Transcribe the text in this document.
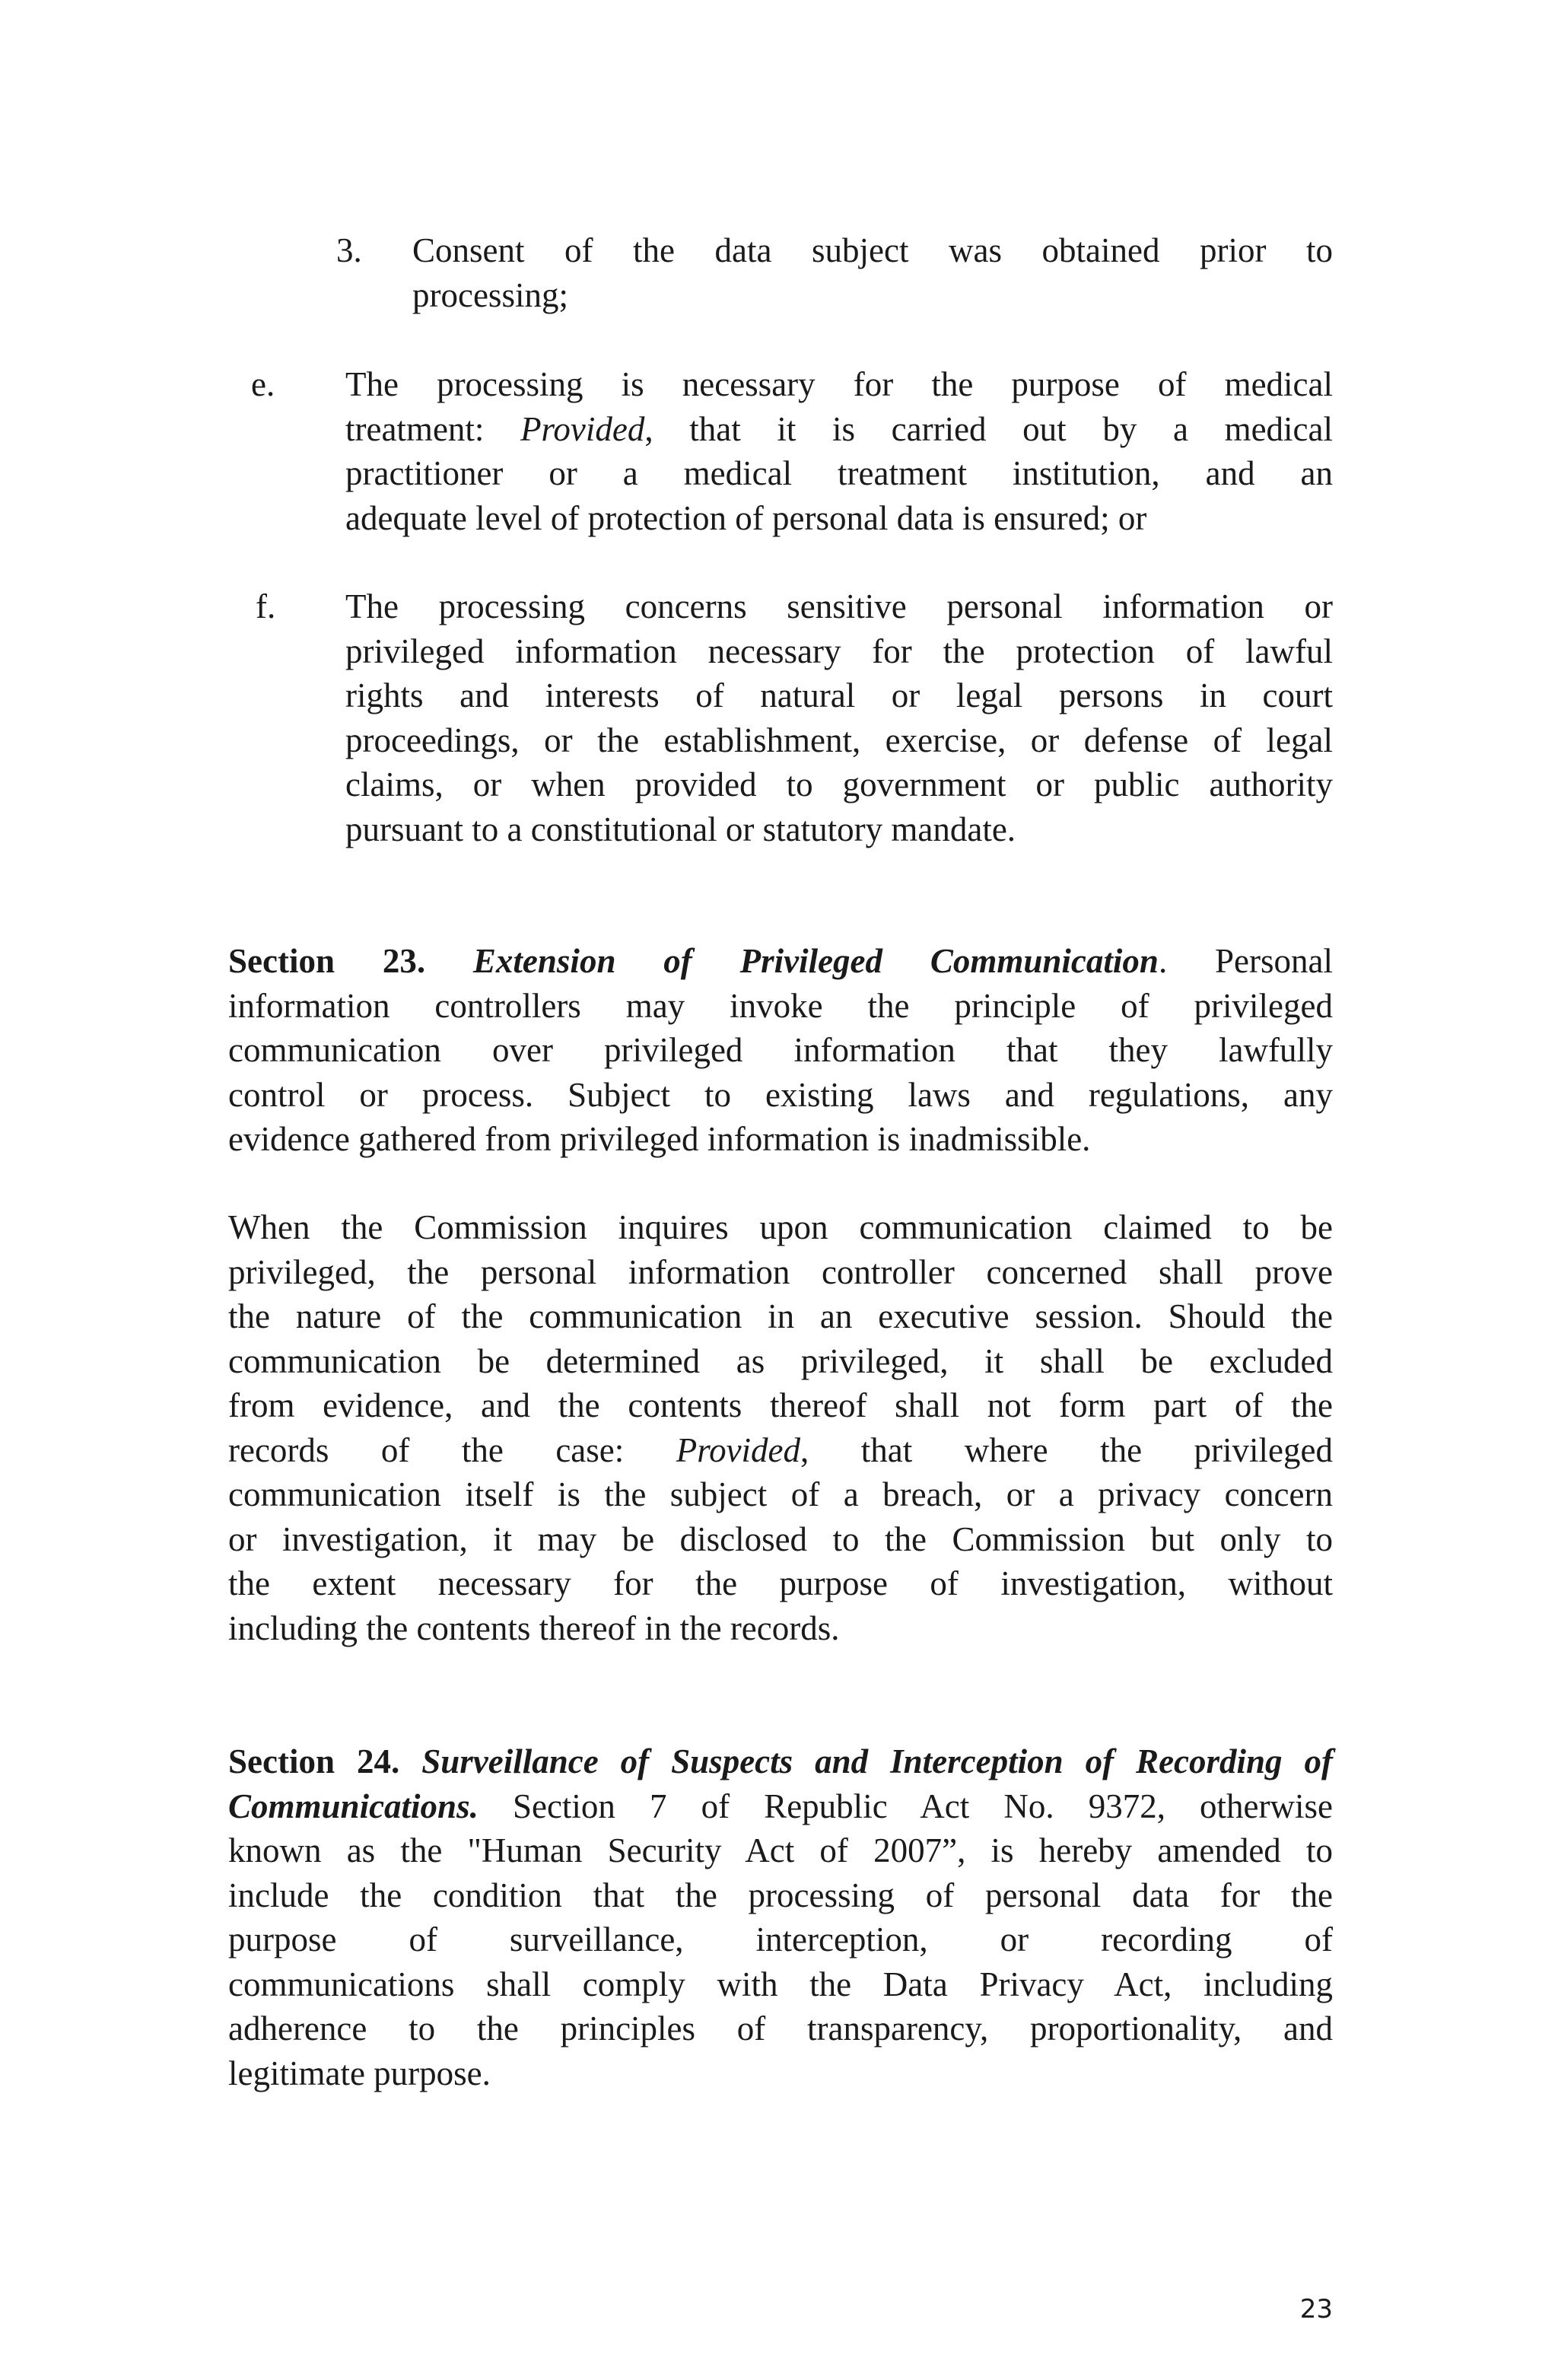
3. Consent of the data subject was obtained prior to
processing;
e. The processing is necessary for the purpose of medical
treatment: Provided, that it is carried out by a medical
practitioner or a medical treatment institution, and an
adequate level of protection of personal data is ensured; or
f. The processing concerns sensitive personal information or
privileged information necessary for the protection of lawful
rights and interests of natural or legal persons in court
proceedings, or the establishment, exercise, or defense of legal
claims, or when provided to government or public authority
pursuant to a constitutional or statutory mandate.
Section 23. Extension of Privileged Communication. Personal
information controllers may invoke the principle of privileged
communication over privileged information that they lawfully
control or process. Subject to existing laws and regulations, any
evidence gathered from privileged information is inadmissible.
When the Commission inquires upon communication claimed to be
privileged, the personal information controller concerned shall prove
the nature of the communication in an executive session. Should the
communication be determined as privileged, it shall be excluded
from evidence, and the contents thereof shall not form part of the
records of the case: Provided, that where the privileged
communication itself is the subject of a breach, or a privacy concern
or investigation, it may be disclosed to the Commission but only to
the extent necessary for the purpose of investigation, without
including the contents thereof in the records.
Section 24. Surveillance of Suspects and Interception of Recording of
Communications. Section 7 of Republic Act No. 9372, otherwise
known as the "Human Security Act of 2007”, is hereby amended to
include the condition that the processing of personal data for the
purpose of surveillance, interception, or recording of
communications shall comply with the Data Privacy Act, including
adherence to the principles of transparency, proportionality, and
legitimate purpose.
23
